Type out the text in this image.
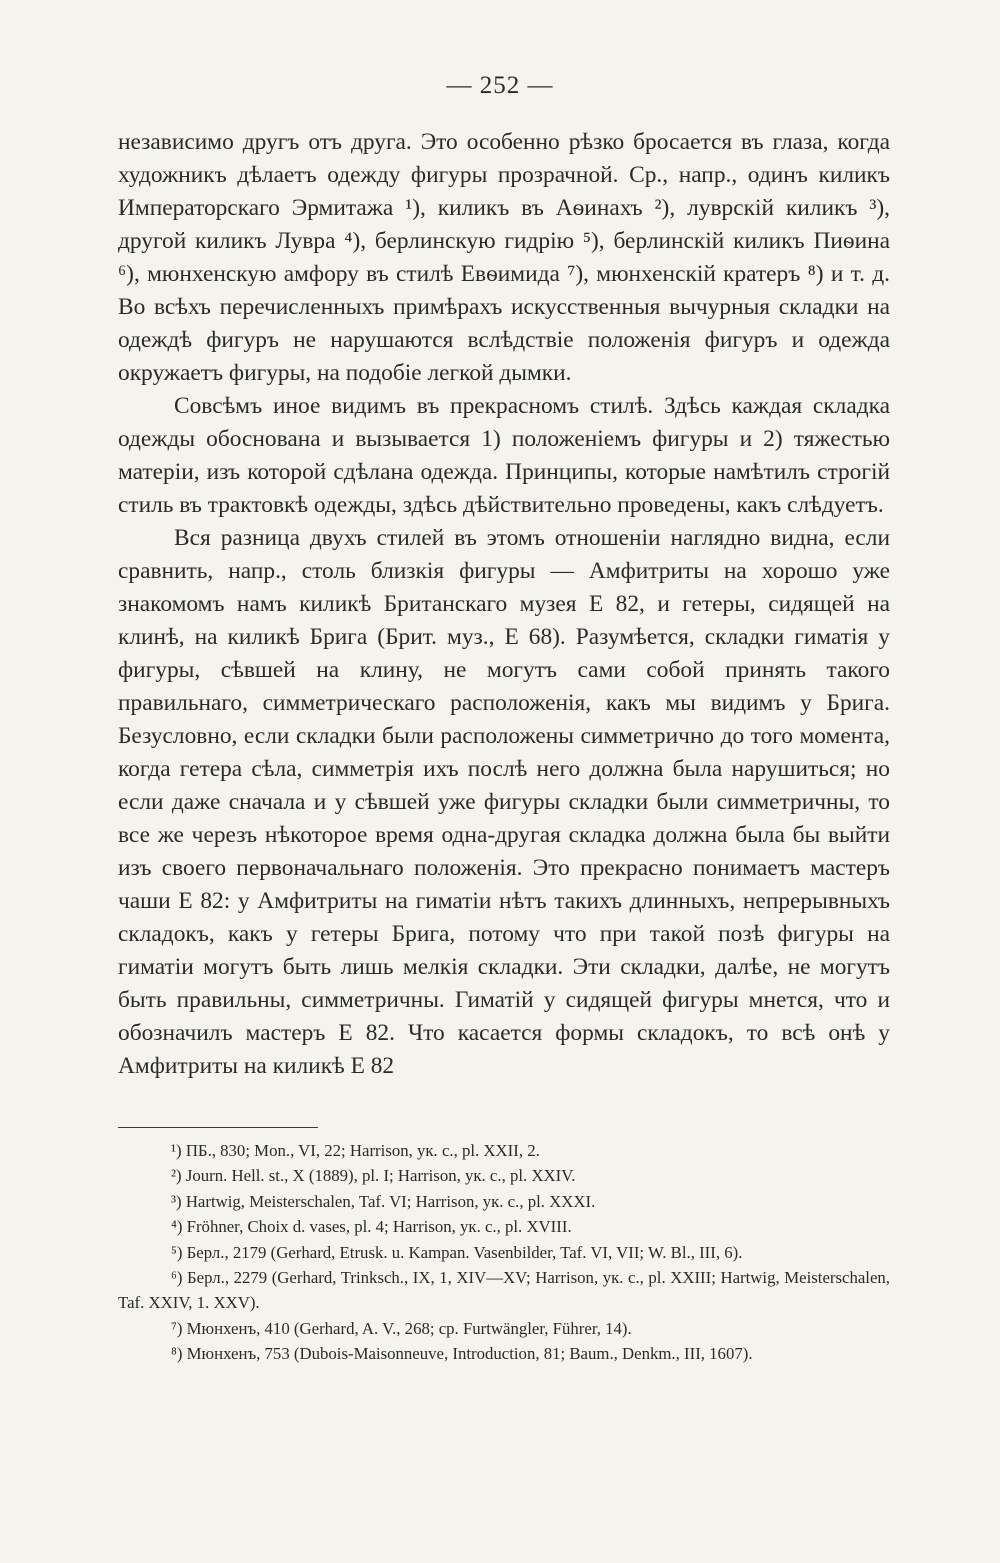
— 252 —

независимо другъ отъ друга. Это особенно рѣзко бросается въ глаза, когда художникъ дѣлаетъ одежду фигуры прозрачной. Ср., напр., одинъ киликъ Императорскаго Эрмитажа ¹), киликъ въ Аѳинахъ ²), луврскій киликъ ³), другой киликъ Лувра ⁴), берлинскую гидрію ⁵), берлинскій киликъ Пиѳина ⁶), мюнхенскую амфору въ стилѣ Евѳимида ⁷), мюнхенскій кратеръ ⁸) и т. д. Во всѣхъ перечисленныхъ примѣрахъ искусственныя вычурныя складки на одеждѣ фигуръ не нарушаются вслѣдствіе положенія фигуръ и одежда окружаетъ фигуры, на подобіе легкой дымки.

Совсѣмъ иное видимъ въ прекрасномъ стилѣ. Здѣсь каждая складка одежды обоснована и вызывается 1) положеніемъ фигуры и 2) тяжестью матеріи, изъ которой сдѣлана одежда. Принципы, которые намѣтилъ строгій стиль въ трактовкѣ одежды, здѣсь дѣйствительно проведены, какъ слѣдуетъ.

Вся разница двухъ стилей въ этомъ отношеніи наглядно видна, если сравнить, напр., столь близкія фигуры — Амфитриты на хорошо уже знакомомъ намъ киликѣ Британскаго музея Е 82, и гетеры, сидящей на клинѣ, на киликѣ Брига (Брит. муз., Е 68). Разумѣется, складки гиматія у фигуры, сѣвшей на клину, не могутъ сами собой принять такого правильнаго, симметрическаго расположенія, какъ мы видимъ у Брига. Безусловно, если складки были расположены симметрично до того момента, когда гетера сѣла, симметрія ихъ послѣ него должна была нарушиться; но если даже сначала и у сѣвшей уже фигуры складки были симметричны, то все же черезъ нѣкоторое время одна-другая складка должна была бы выйти изъ своего первоначальнаго положенія. Это прекрасно понимаетъ мастеръ чаши Е 82: у Амфитриты на гиматіи нѣтъ такихъ длинныхъ, непрерывныхъ складокъ, какъ у гетеры Брига, потому что при такой позѣ фигуры на гиматіи могутъ быть лишь мелкія складки. Эти складки, далѣе, не могутъ быть правильны, симметричны. Гиматій у сидящей фигуры мнется, что и обозначилъ мастеръ Е 82. Что касается формы складокъ, то всѣ онѣ у Амфитриты на киликѣ Е 82

¹) ПБ., 830; Mon., VI, 22; Harrison, ук. с., pl. XXII, 2.

²) Journ. Hell. st., X (1889), pl. I; Harrison, ук. с., pl. XXIV.

³) Hartwig, Meisterschalen, Taf. VI; Harrison, ук. с., pl. XXXI.

⁴) Fröhner, Choix d. vases, pl. 4; Harrison, ук. с., pl. XVIII.

⁵) Берл., 2179 (Gerhard, Etrusk. u. Kampan. Vasenbilder, Taf. VI, VII; W. Bl., III, 6).

⁶) Берл., 2279 (Gerhard, Trinksch., IX, 1, XIV—XV; Harrison, ук. с., pl. XXIII; Hartwig, Meisterschalen, Taf. XXIV, 1. XXV).

⁷) Мюнхенъ, 410 (Gerhard, A. V., 268; ср. Furtwängler, Führer, 14).

⁸) Мюнхенъ, 753 (Dubois-Maisonneuve, Introduction, 81; Baum., Denkm., III, 1607).
